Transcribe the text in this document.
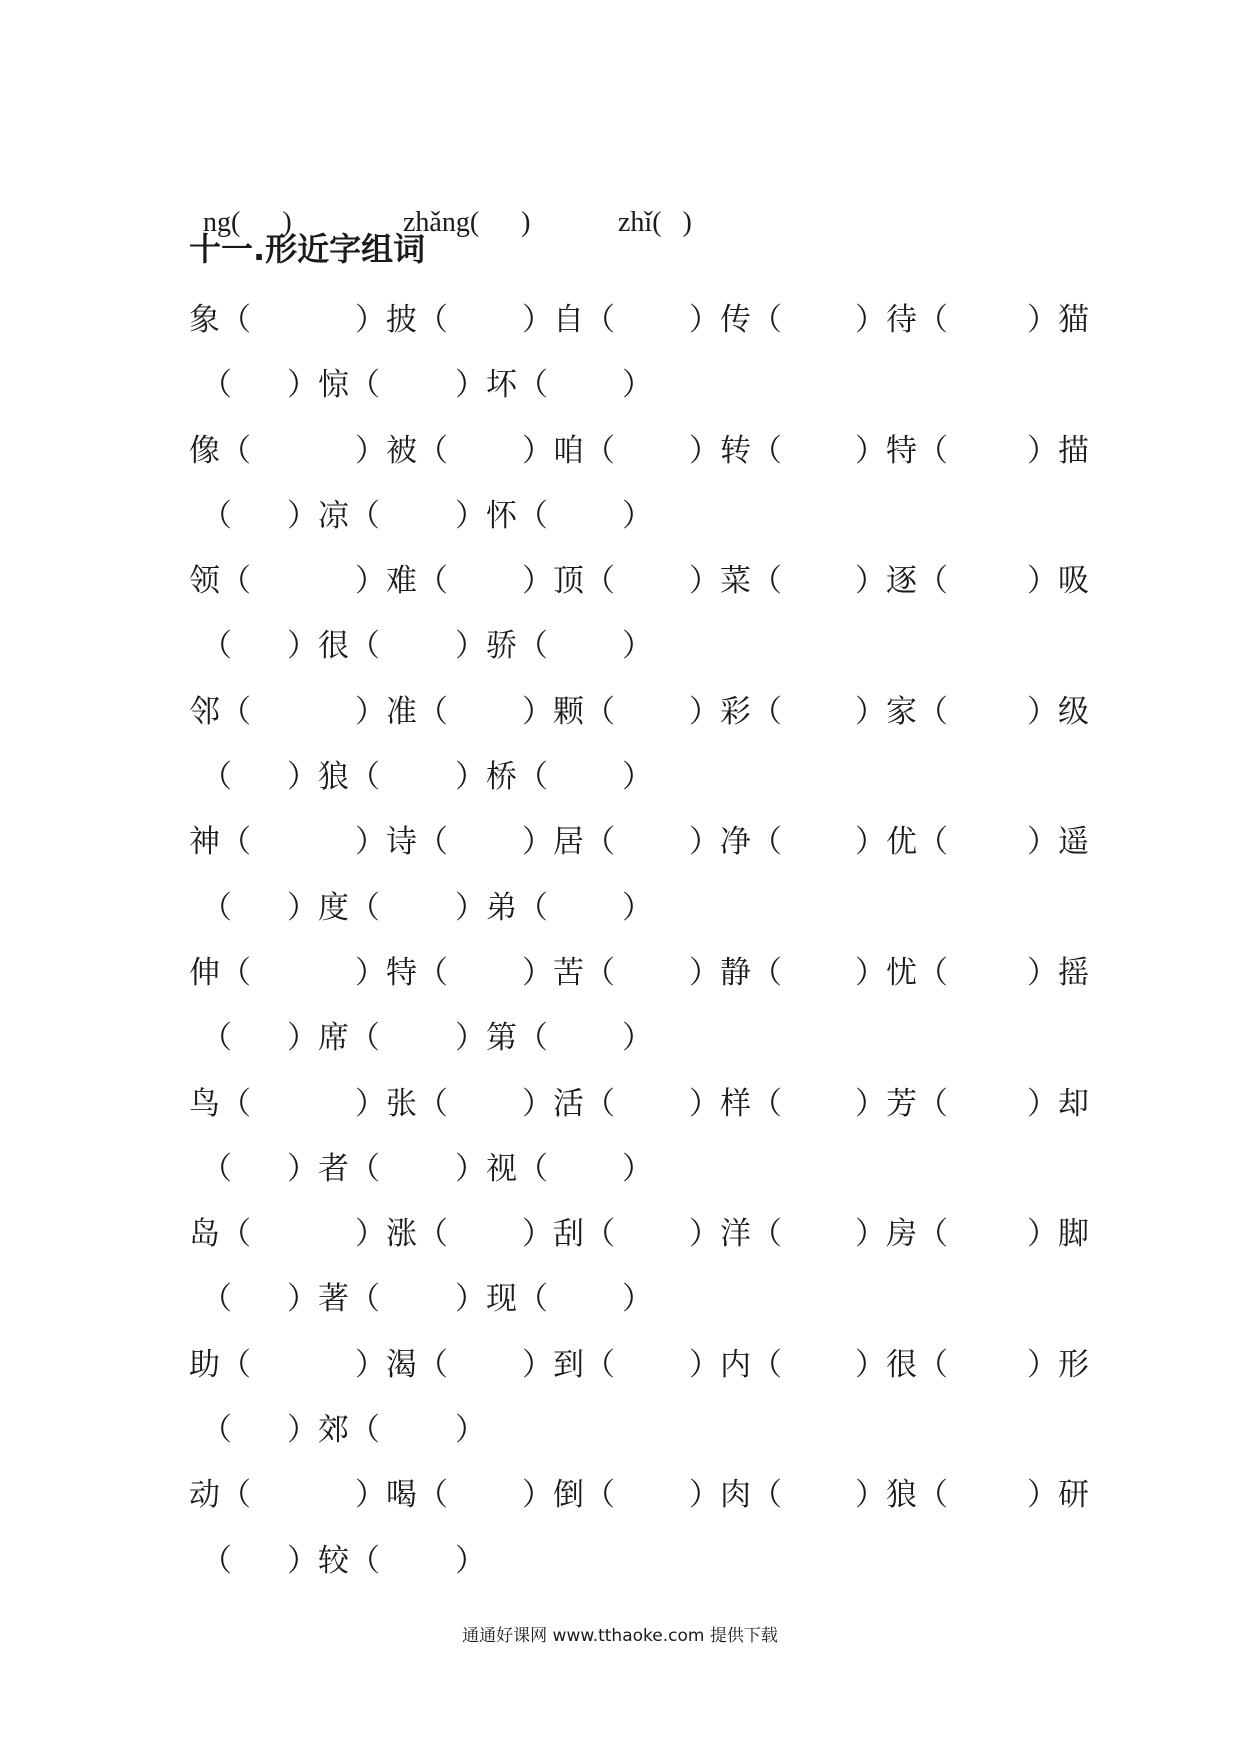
ng(      )	zhǎng(      )	zhǐ(   )

十一.形近字组词
象（	）披（ ）自（ ）传（ ）待（	）猫
（ ）惊（ ）坏（ ）
像（	）被（ ）咱（ ）转（ ）特（	）描
（ ）凉（ ）怀（ ）
领（	）难（ ）顶（ ）菜（ ）逐（	）吸
（ ）很（ ）骄（ ）
邻（	）准（ ）颗（ ）彩（ ）家（	）级
（ ）狼（ ）桥（ ）
神（	）诗（ ）居（ ）净（ ）优（	）遥
（ ）度（ ）弟（ ）
伸（	）特（ ）苦（ ）静（ ）忧（	）摇
（ ）席（ ）第（ ）
鸟（	）张（ ）活（ ）样（ ）芳（	）却
（ ）者（ ）视（ ）
岛（	）涨（ ）刮（ ）洋（ ）房（	）脚
（ ）著（ ）现（ ）
助（	）渴（ ）到（ ）内（ ）很（	）形
（ ）郊（ ）
动（	）喝（ ）倒（ ）肉（ ）狼（	）研
（ ）较（ ）
通通好课网 www.tthaoke.com 提供下载
